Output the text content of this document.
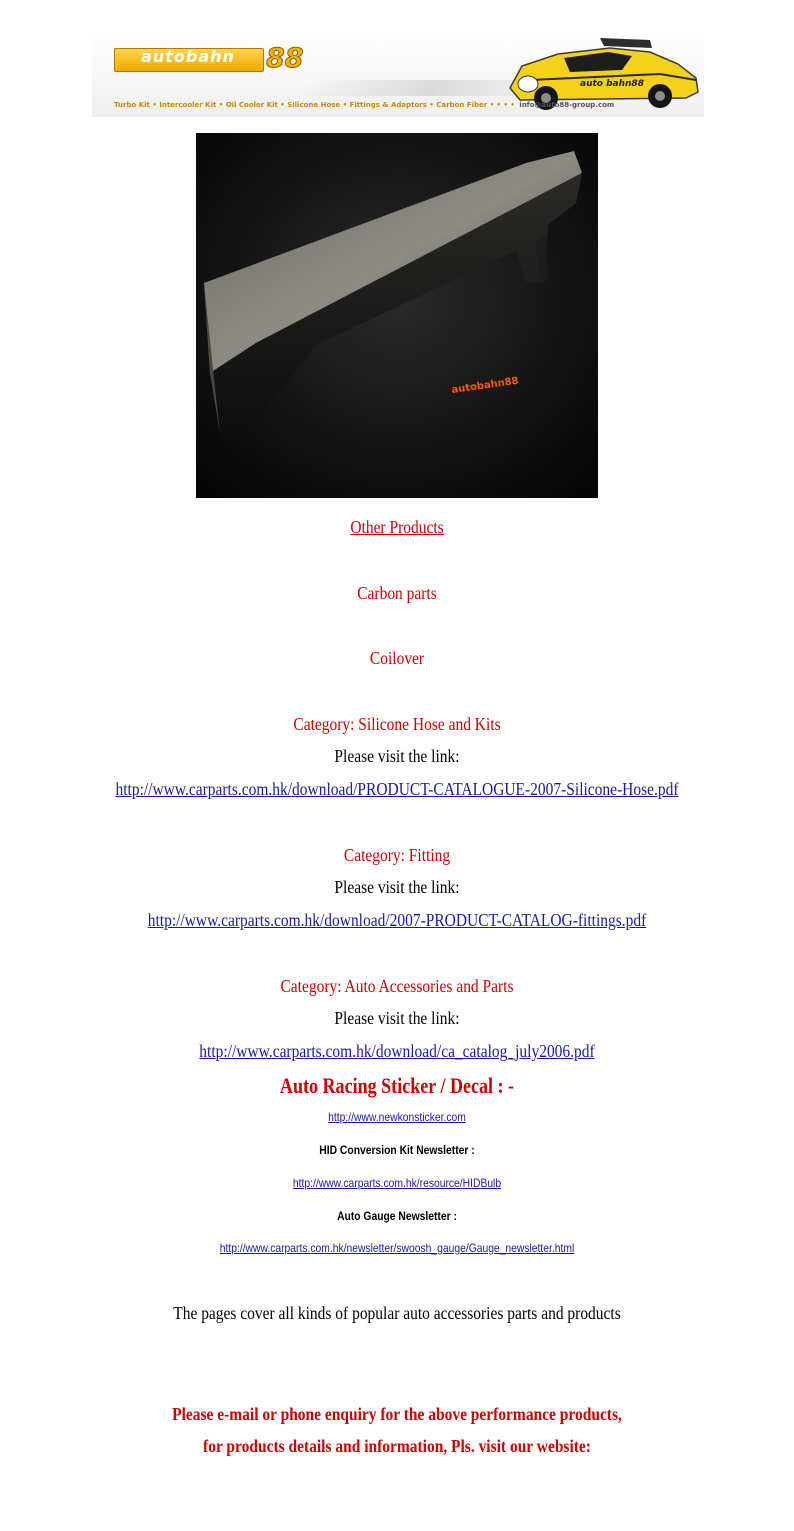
autobahn	88
auto bahn88
Turbo Kit • Intercooler Kit • Oil Cooler Kit • Silicone Hose • Fittings & Adaptors • Carbon Fiber • • • • info@auto88-group.com
autobahn88
Other Products
Carbon parts
Coilover
Category: Silicone Hose and Kits
Please visit the link:
http://www.carparts.com.hk/download/PRODUCT-CATALOGUE-2007-Silicone-Hose.pdf
Category: Fitting
Please visit the link:
http://www.carparts.com.hk/download/2007-PRODUCT-CATALOG-fittings.pdf
Category: Auto Accessories and Parts
Please visit the link:
http://www.carparts.com.hk/download/ca_catalog_july2006.pdf
Auto Racing Sticker / Decal : -
http://www.newkonsticker.com
HID Conversion Kit Newsletter :
http://www.carparts.com.hk/resource/HIDBulb
Auto Gauge Newsletter :
http://www.carparts.com.hk/newsletter/swoosh_gauge/Gauge_newsletter.html
The pages cover all kinds of popular auto accessories parts and products
Please e-mail or phone enquiry for the above performance products,
for products details and information, Pls. visit our website:
